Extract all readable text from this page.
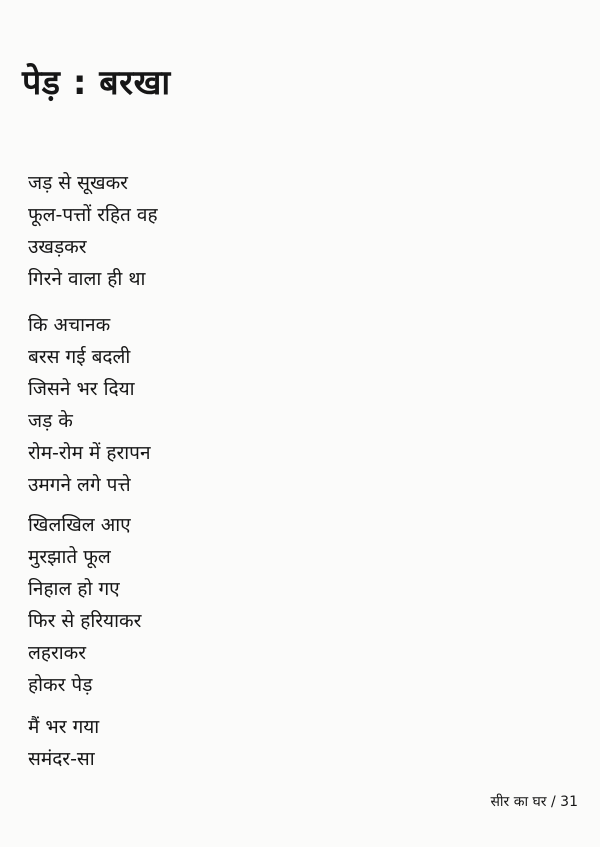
पेड़ : बरखा
जड़ से सूखकर
फूल-पत्तों रहित वह
उखड़कर
गिरने वाला ही था
कि अचानक
बरस गई बदली
जिसने भर दिया
जड़ के
रोम-रोम में हरापन
उमगने लगे पत्ते
खिलखिल आए
मुरझाते फूल
निहाल हो गए
फिर से हरियाकर
लहराकर
होकर पेड़
मैं भर गया
समंदर-सा
सीर का घर / 31
